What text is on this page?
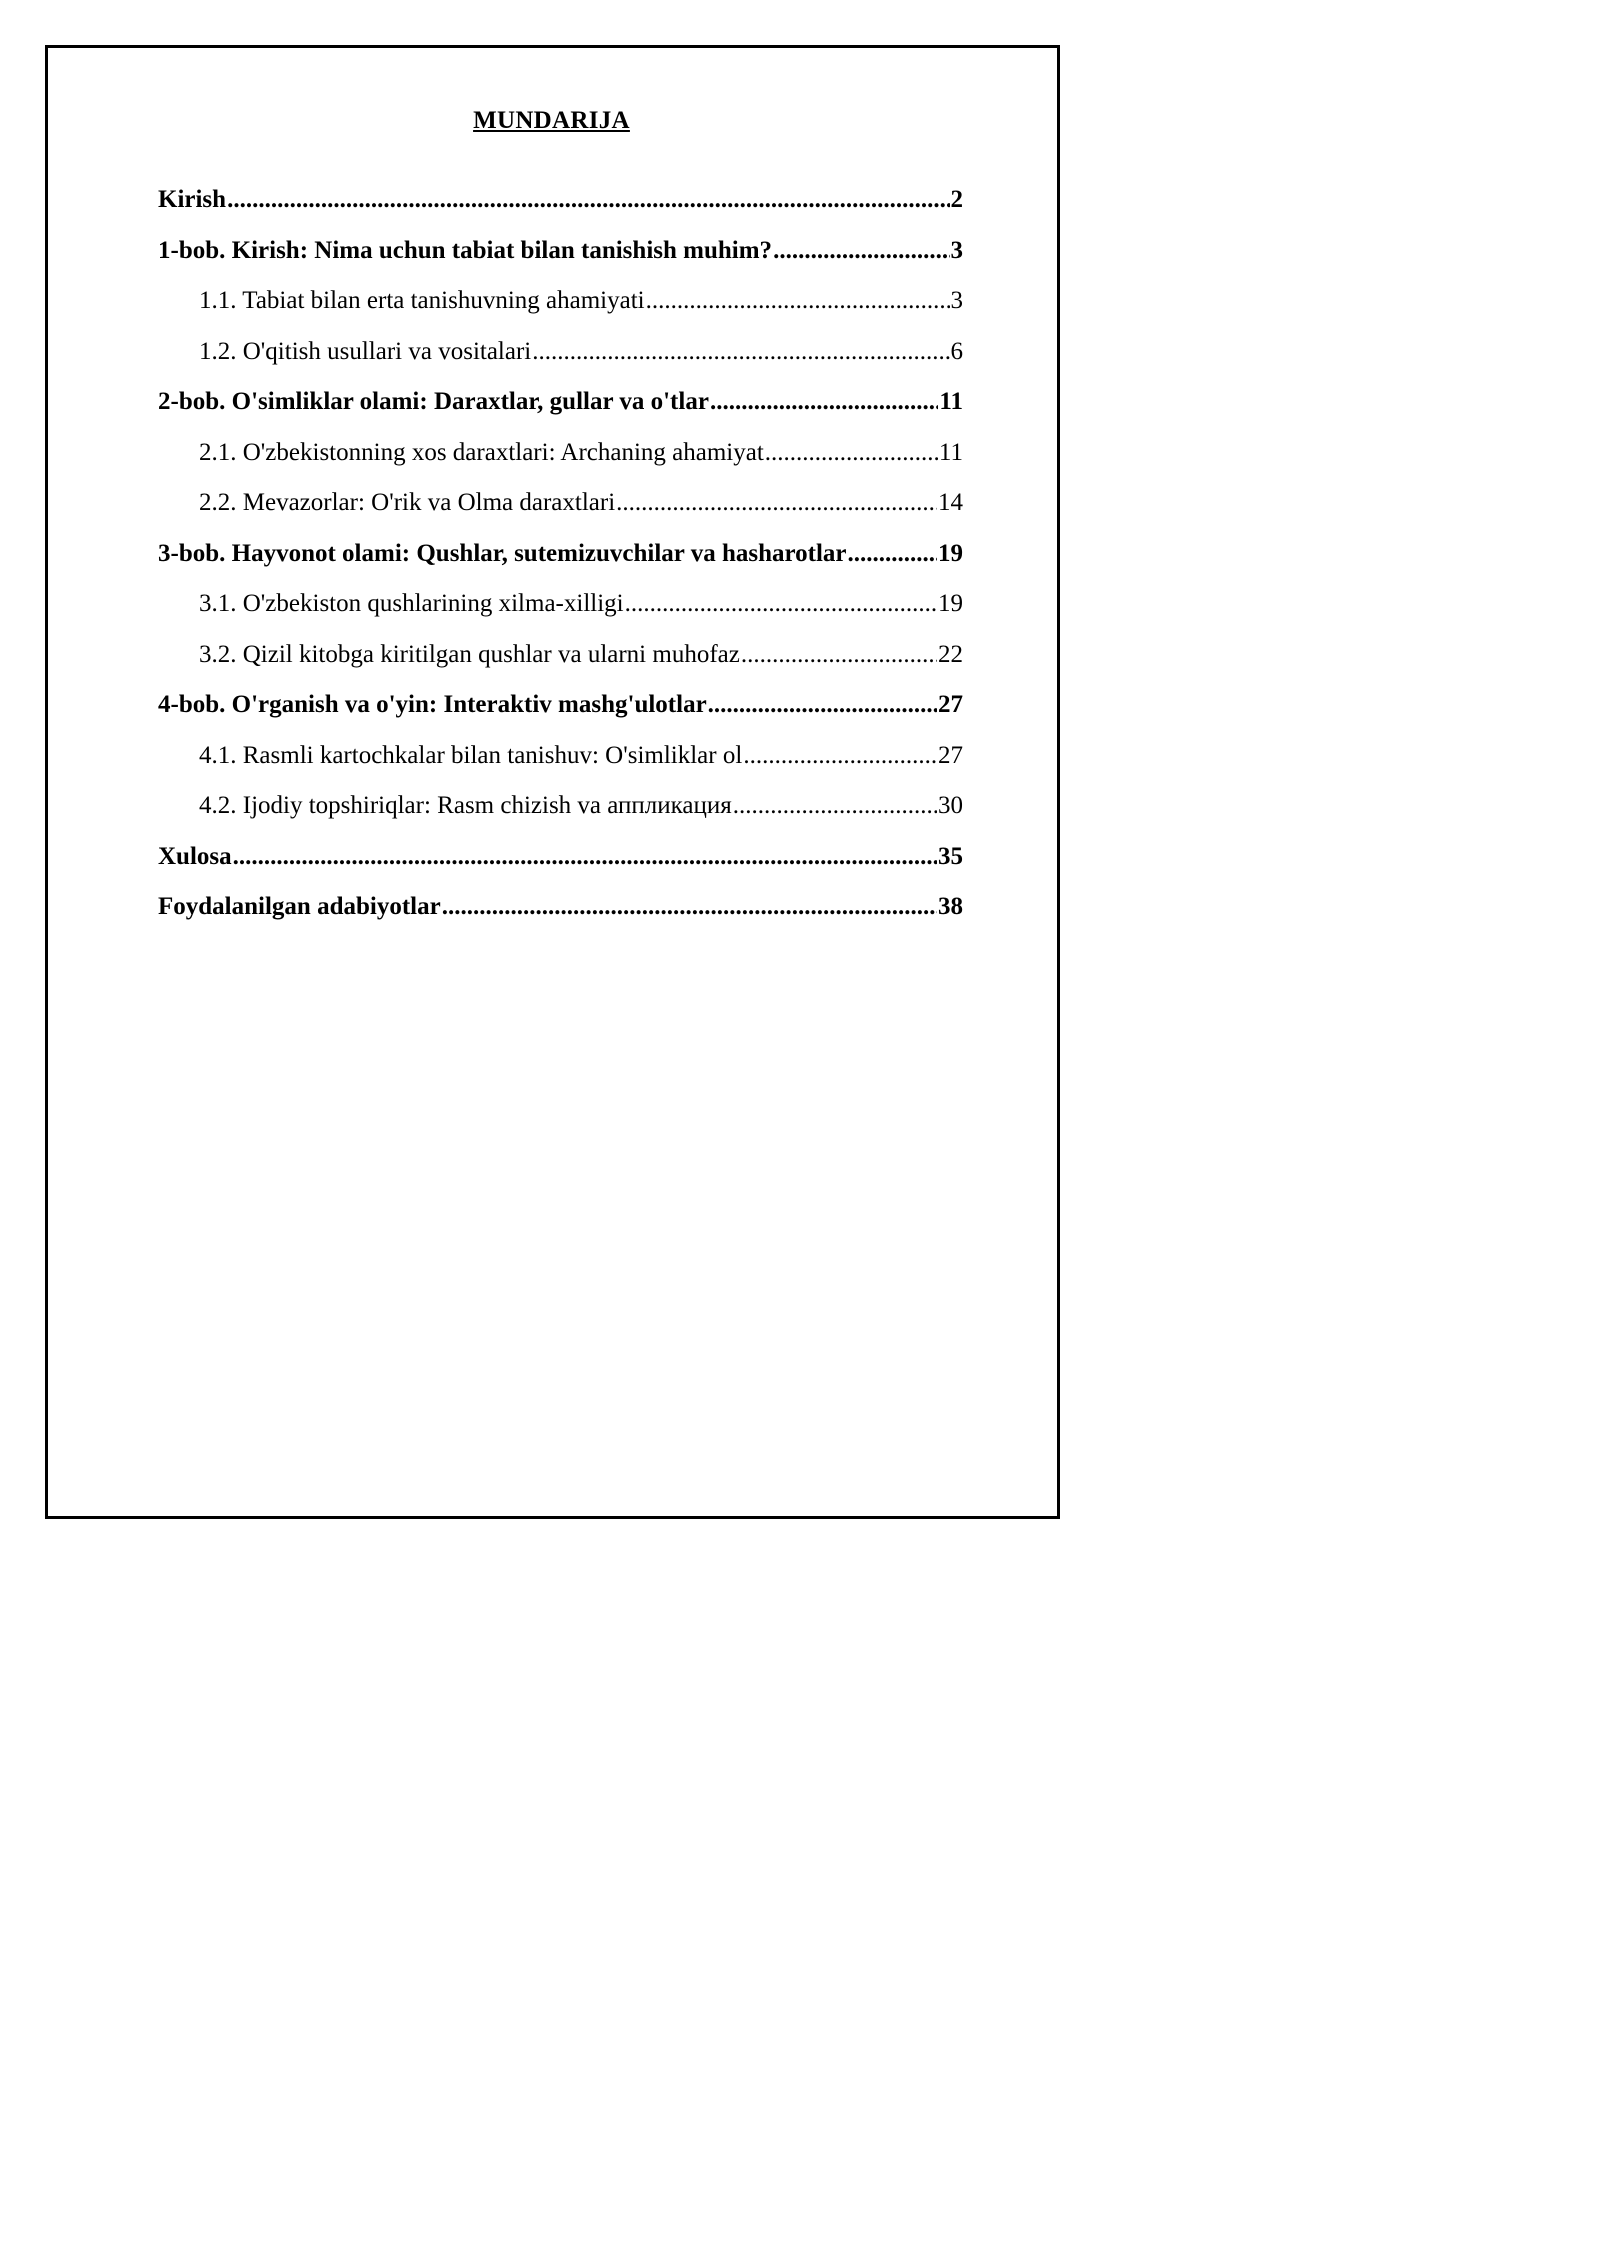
MUNDARIJA
Kirish .....	2
1-bob. Kirish: Nima uchun tabiat bilan tanishish muhim? .....	3
1.1. Tabiat bilan erta tanishuvning ahamiyati .....	3
1.2. O'qitish usullari va vositalari .....	6
2-bob. O'simliklar olami: Daraxtlar, gullar va o'tlar .....	11
2.1. O'zbekistonning xos daraxtlari: Archaning ahamiyat .....	11
2.2. Mevazorlar: O'rik va Olma daraxtlari .....	14
3-bob. Hayvonot olami: Qushlar, sutemizuvchilar va hasharotlar .....	19
3.1. O'zbekiston qushlarining xilma-xilligi .....	19
3.2. Qizil kitobga kiritilgan qushlar va ularni muhofaz .....	22
4-bob. O'rganish va o'yin: Interaktiv mashg'ulotlar .....	27
4.1. Rasmli kartochkalar bilan tanishuv: O'simliklar ol .....	27
4.2. Ijodiy topshiriqlar: Rasm chizish va аппликация .....	30
Xulosa .....	35
Foydalanilgan adabiyotlar .....	38
